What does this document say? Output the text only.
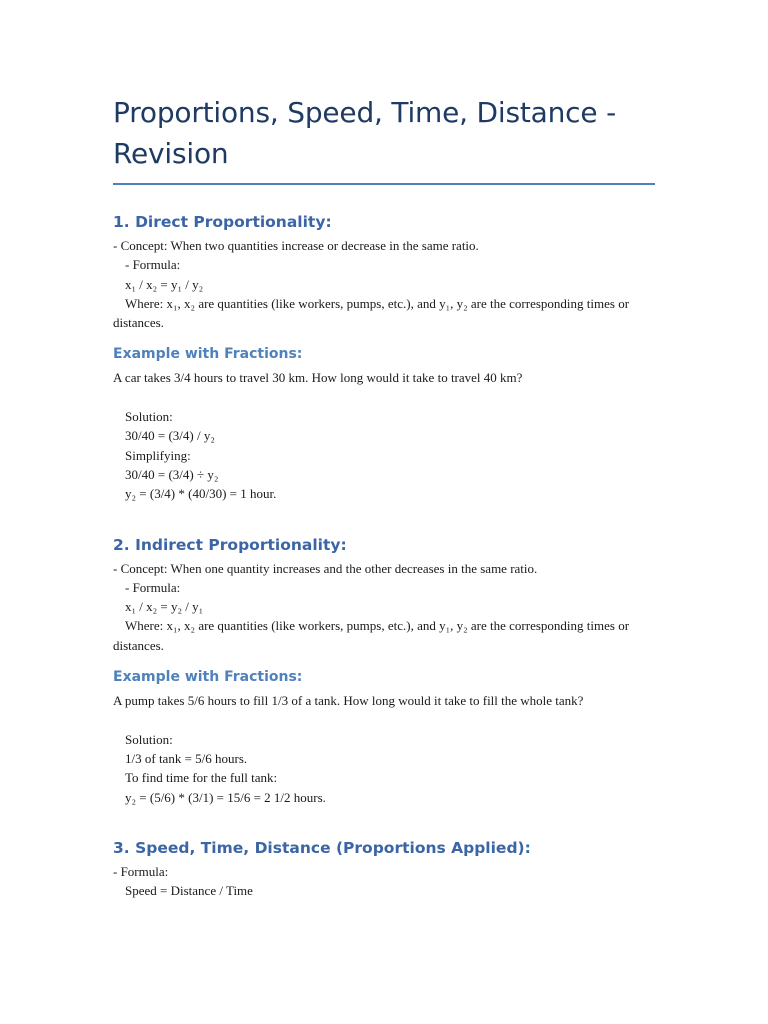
Proportions, Speed, Time, Distance - Revision
1. Direct Proportionality:

- Concept: When two quantities increase or decrease in the same ratio.

- Formula:

x₁ / x₂ = y₁ / y₂

Where: x₁, x₂ are quantities (like workers, pumps, etc.), and y₁, y₂ are the corresponding times or distances.

Example with Fractions:

A car takes 3/4 hours to travel 30 km. How long would it take to travel 40 km?

Solution:

30/40 = (3/4) / y₂

Simplifying:

30/40 = (3/4) ÷ y₂

y₂ = (3/4) * (40/30) = 1 hour.

2. Indirect Proportionality:

- Concept: When one quantity increases and the other decreases in the same ratio.

- Formula:

x₁ / x₂ = y₂ / y₁

Where: x₁, x₂ are quantities (like workers, pumps, etc.), and y₁, y₂ are the corresponding times or distances.

Example with Fractions:

A pump takes 5/6 hours to fill 1/3 of a tank. How long would it take to fill the whole tank?

Solution:

1/3 of tank = 5/6 hours.

To find time for the full tank:

y₂ = (5/6) * (3/1) = 15/6 = 2 1/2 hours.

3. Speed, Time, Distance (Proportions Applied):

- Formula:

Speed = Distance / Time
